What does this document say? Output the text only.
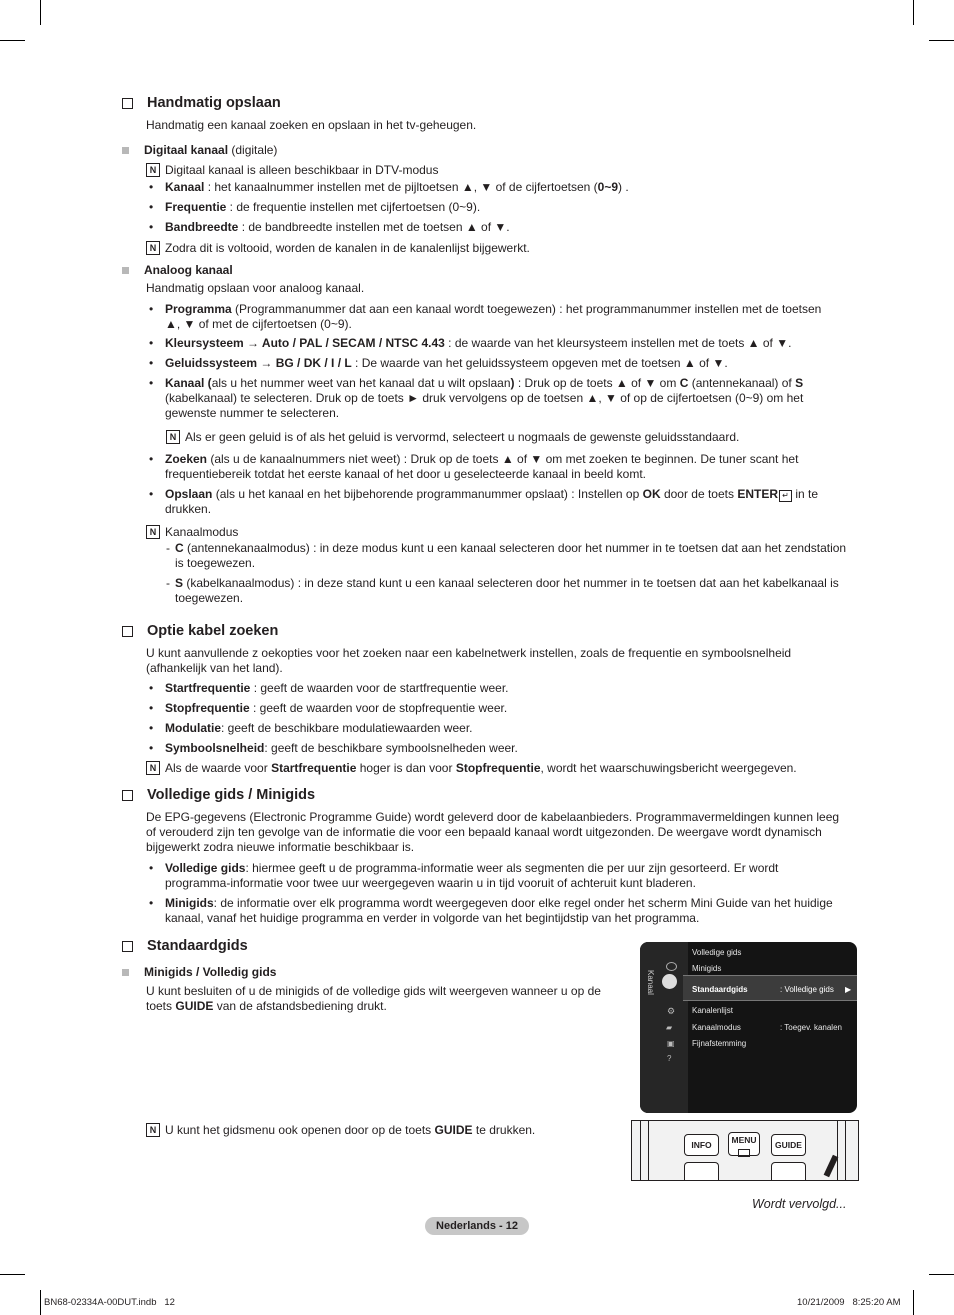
Handmatig opslaan
Handmatig een kanaal zoeken en opslaan in het tv-geheugen.
Digitaal kanaal (digitale)
N Digitaal kanaal is alleen beschikbaar in DTV-modus
• Kanaal : het kanaalnummer instellen met de pijltoetsen ▲, ▼ of de cijfertoetsen (0~9) .
• Frequentie : de frequentie instellen met cijfertoetsen (0~9).
• Bandbreedte : de bandbreedte instellen met de toetsen ▲ of ▼.
N Zodra dit is voltooid, worden de kanalen in de kanalenlijst bijgewerkt.
Analoog kanaal
Handmatig opslaan voor analoog kanaal.
• Programma (Programmanummer dat aan een kanaal wordt toegewezen) : het programmanummer instellen met de toetsen
▲, ▼ of met de cijfertoetsen (0~9).
• Kleursysteem → Auto / PAL / SECAM / NTSC 4.43 : de waarde van het kleursysteem instellen met de toets ▲ of ▼.
• Geluidssysteem → BG / DK / I / L : De waarde van het geluidssysteem opgeven met de toetsen ▲ of ▼.
• Kanaal (als u het nummer weet van het kanaal dat u wilt opslaan) : Druk op de toets ▲ of ▼ om C (antennekanaal) of S
(kabelkanaal) te selecteren. Druk op de toets ► druk vervolgens op de toetsen ▲, ▼ of op de cijfertoetsen (0~9) om het
gewenste nummer te selecteren.
N Als er geen geluid is of als het geluid is vervormd, selecteert u nogmaals de gewenste geluidsstandaard.
• Zoeken (als u de kanaalnummers niet weet) : Druk op de toets ▲ of ▼ om met zoeken te beginnen. De tuner scant het
frequentiebereik totdat het eerste kanaal of het door u geselecteerde kanaal in beeld komt.
• Opslaan (als u het kanaal en het bijbehorende programmanummer opslaat) : Instellen op OK door de toets ENTER ↵ in te
drukken.
N Kanaalmodus
- C (antennekanaalmodus) : in deze modus kunt u een kanaal selecteren door het nummer in te toetsen dat aan het zendstation
is toegewezen.
- S (kabelkanaalmodus) : in deze stand kunt u een kanaal selecteren door het nummer in te toetsen dat aan het kabelkanaal is
toegewezen.
Optie kabel zoeken
U kunt aanvullende z oekopties voor het zoeken naar een kabelnetwerk instellen, zoals de frequentie en symboolsnelheid
(afhankelijk van het land).
• Startfrequentie : geeft de waarden voor de startfrequentie weer.
• Stopfrequentie : geeft de waarden voor de stopfrequentie weer.
• Modulatie: geeft de beschikbare modulatiewaarden weer.
• Symboolsnelheid: geeft de beschikbare symboolsnelheden weer.
N Als de waarde voor Startfrequentie hoger is dan voor Stopfrequentie, wordt het waarschuwingsbericht weergegeven.
Volledige gids / Minigids
De EPG-gegevens (Electronic Programme Guide) wordt geleverd door de kabelaanbieders. Programmavermeldingen kunnen leeg
of verouderd zijn ten gevolge van de informatie die voor een bepaald kanaal wordt uitgezonden. De weergave wordt dynamisch
bijgewerkt zodra nieuwe informatie beschikbaar is.
• Volledige gids: hiermee geeft u de programma-informatie weer als segmenten die per uur zijn gesorteerd. Er wordt
programma-informatie voor twee uur weergegeven waarin u in tijd vooruit of achteruit kunt bladeren.
• Minigids: de informatie over elk programma wordt weergegeven door elke regel onder het scherm Mini Guide van het huidige
kanaal, vanaf het huidige programma en verder in volgorde van het begintijdstip van het programma.
Standaardgids
Minigids / Volledig gids
U kunt besluiten of u de minigids of de volledige gids wilt weergeven wanneer u op de
toets GUIDE van de afstandsbediening drukt.
N U kunt het gidsmenu ook openen door op de toets GUIDE te drukken.
Kanaal
⚙
▰
▣
?
Volledige gids
Minigids
Standaardgids	: Volledige gids ▶
Kanalenlijst
Kanaalmodus	: Toegev. kanalen
Fijnafstemming
INFO	MENU	GUIDE
Wordt vervolgd...
Nederlands - 12
BN68-02334A-00DUT.indb   12	10/21/2009   8:25:20 AM
